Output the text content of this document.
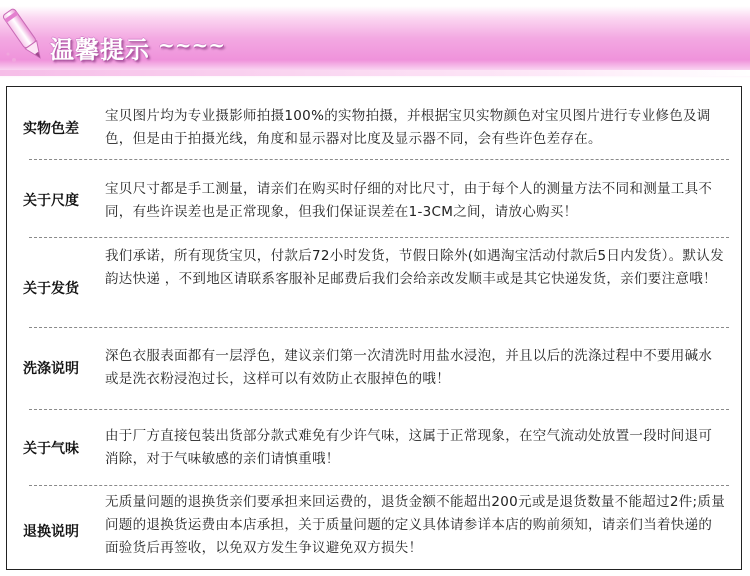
温馨提示 ~~~~
实物色差
宝贝图片均为专业摄影师拍摄100%的实物拍摄，并根据宝贝实物颜色对宝贝图片进行专业修色及调色，但是由于拍摄光线，角度和显示器对比度及显示器不同，会有些许色差存在。
关于尺度
宝贝尺寸都是手工测量，请亲们在购买时仔细的对比尺寸，由于每个人的测量方法不同和测量工具不同，有些许误差也是正常现象，但我们保证误差在1-3CM之间，请放心购买！
关于发货
我们承诺，所有现货宝贝，付款后72小时发货，节假日除外(如遇淘宝活动付款后5日内发货）。默认发韵达快递 ，不到地区请联系客服补足邮费后我们会给亲改发顺丰或是其它快递发货，亲们要注意哦！
洗涤说明
深色衣服表面都有一层浮色，建议亲们第一次清洗时用盐水浸泡，并且以后的洗涤过程中不要用碱水或是洗衣粉浸泡过长，这样可以有效防止衣服掉色的哦！
关于气味
由于厂方直接包装出货部分款式难免有少许气味，这属于正常现象，在空气流动处放置一段时间退可消除，对于气味敏感的亲们请慎重哦！
退换说明
无质量问题的退换货亲们要承担来回运费的，退货金额不能超出200元或是退货数量不能超过2件;质量问题的退换货运费由本店承担，关于质量问题的定义具体请参详本店的购前须知，请亲们当着快递的面验货后再签收，以免双方发生争议避免双方损失！
